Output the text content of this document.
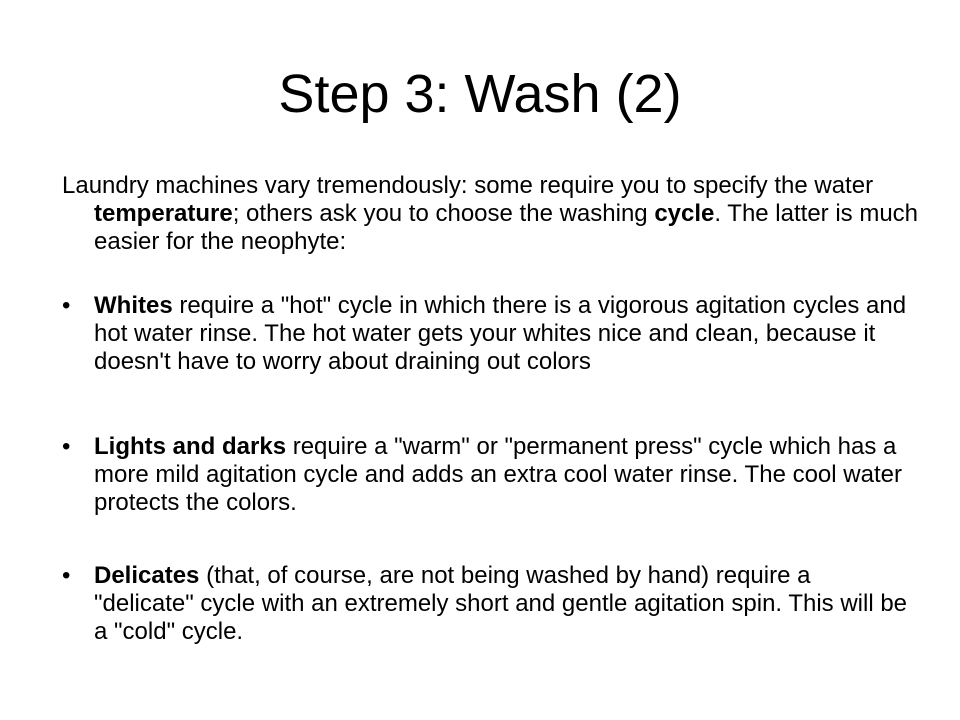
Step 3: Wash (2)

Laundry machines vary tremendously: some require you to specify the water temperature; others ask you to choose the washing cycle. The latter is much easier for the neophyte:

• Whites require a "hot" cycle in which there is a vigorous agitation cycles and hot water rinse. The hot water gets your whites nice and clean, because it doesn't have to worry about draining out colors
• Lights and darks require a "warm" or "permanent press" cycle which has a more mild agitation cycle and adds an extra cool water rinse. The cool water protects the colors.
• Delicates (that, of course, are not being washed by hand) require a "delicate" cycle with an extremely short and gentle agitation spin. This will be a "cold" cycle.
